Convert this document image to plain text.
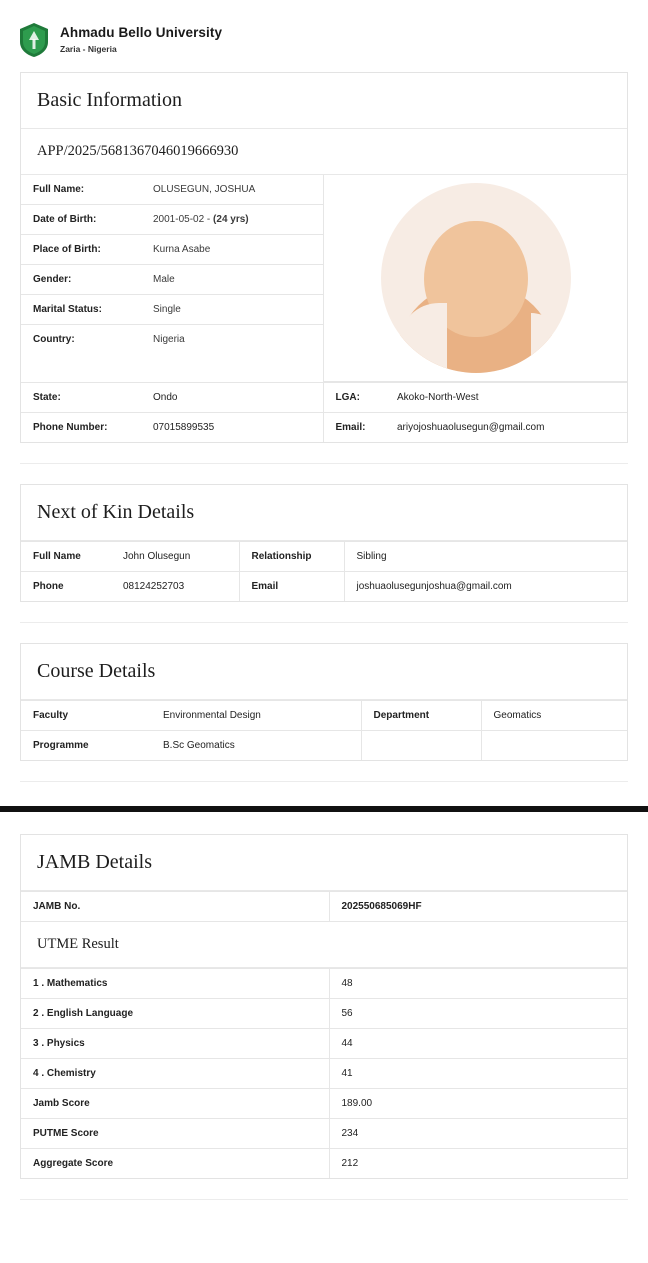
Ahmadu Bello University
Zaria - Nigeria
Basic Information
APP/2025/5681367046019666930
Full Name:	OLUSEGUN, JOSHUA
Date of Birth:	2001-05-02 - (24 yrs)
Place of Birth:	Kurna Asabe
Gender:	Male
Marital Status:	Single
Country:	Nigeria
State:	Ondo	LGA:	Akoko-North-West
Phone Number:	07015899535	Email:	ariyojoshuaolusegun@gmail.com
Next of Kin Details
Full Name	John Olusegun	Relationship	Sibling
Phone	08124252703	Email	joshuaolusegunjoshua@gmail.com
Course Details
Faculty	Environmental Design	Department	Geomatics
Programme	B.Sc Geomatics		
JAMB Details
JAMB No.	202550685069HF
UTME Result
1 . Mathematics	48
2 . English Language	56
3 . Physics	44
4 . Chemistry	41
Jamb Score	189.00
PUTME Score	234
Aggregate Score	212
